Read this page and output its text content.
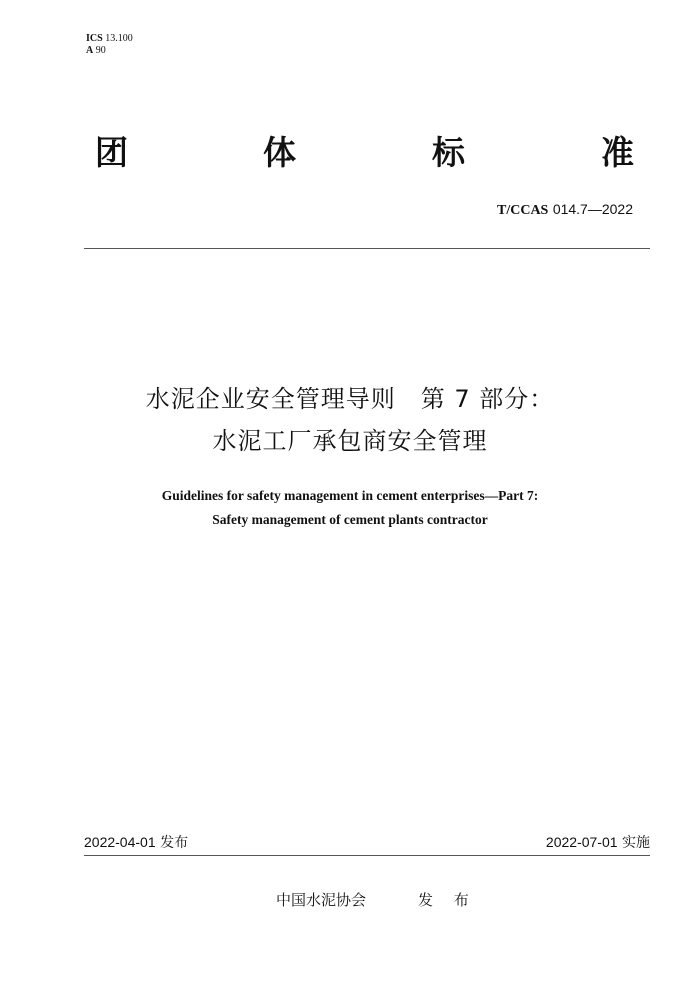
ICS 13.100
A 90
团	体	标	准
T/CCAS 014.7—2022
水泥企业安全管理导则　第 7 部分：
水泥工厂承包商安全管理
Guidelines for safety management in cement enterprises—Part 7:
Safety management of cement plants contractor
2022-04-01 发布	2022-07-01 实施
中国水泥协会	发 布
